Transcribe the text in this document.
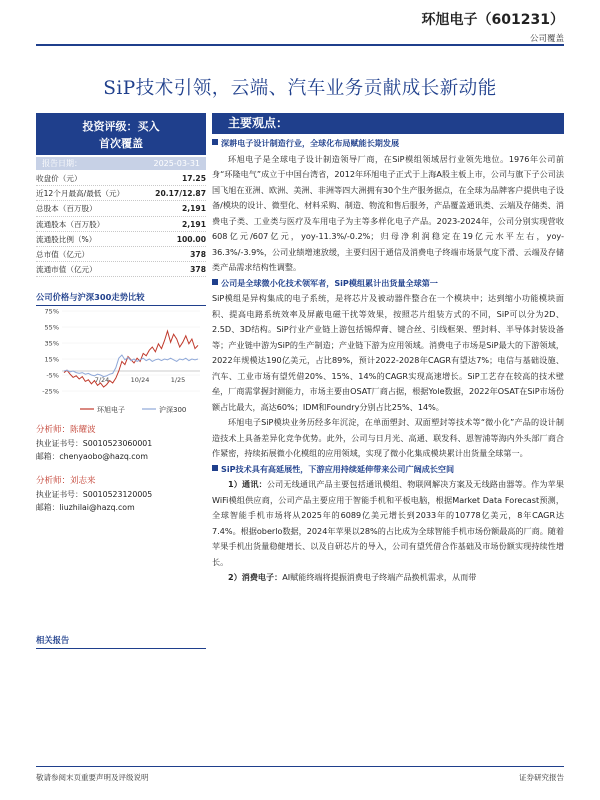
环旭电子（601231）
公司覆盖
SiP技术引领，云端、汽车业务贡献成长新动能
投资评级：买入
首次覆盖
报告日期：	2025-03-31
收盘价（元）	17.25
近12个月最高/最低（元）	20.17/12.87
总股本（百万股）	2,191
流通股本（百万股）	2,191
流通股比例（%）	100.00
总市值（亿元）	378
流通市值（亿元）	378
公司价格与沪深300走势比较
75%
55%
35%
15%
-5%
-25%
7/24	10/24	1/25
环旭电子	沪深300
分析师：陈耀波
执业证书号：S0010523060001
邮箱：chenyaobo@hazq.com
分析师：刘志来
执业证书号：S0010523120005
邮箱：liuzhilai@hazq.com
相关报告
主要观点：
深耕电子设计制造行业，全球化布局赋能长期发展

环旭电子是全球电子设计制造领导厂商，在SiP模组领域居行业领先地位。1976年公司前身“环隆电气”成立于中国台湾省，2012年环旭电子正式于上海A股主板上市，公司与旗下子公司法国飞旭在亚洲、欧洲、美洲、非洲等四大洲拥有30个生产服务据点，在全球为品牌客户提供电子设备/模块的设计、微型化、材料采购、制造、物流和售后服务，产品覆盖通讯类、云端及存储类、消费电子类、工业类与医疗及车用电子为主等多样化电子产品。2023-2024年，公司分别实现营收608亿元/607亿元，yoy-11.3%/-0.2%；归母净利润稳定在19亿元水平左右，yoy-36.3%/-3.9%，公司业绩增速放缓，主要归因于通信及消费电子终端市场景气度下滑、云端及存储类产品需求结构性调整。

公司是全球微小化技术领军者，SiP模组累计出货量全球第一

SiP模组是异构集成的电子系统，是将芯片及被动器件整合在一个模块中；达到缩小功能模块面积、提高电路系统效率及屏蔽电磁干扰等效果，按照芯片组装方式的不同，SiP可以分为2D、2.5D、3D结构。SiP行业产业链上游包括锡焊膏、键合丝、引线框架、塑封料、半导体封装设备等；产业链中游为SiP的生产制造；产业链下游为应用领域。消费电子市场是SiP最大的下游领域，2022年规模达190亿美元，占比89%，预计2022-2028年CAGR有望达7%；电信与基础设施、汽车、工业市场有望凭借20%、15%、14%的CAGR实现高速增长。SiP工艺存在较高的技术壁垒，厂商需掌握封测能力，市场主要由OSAT厂商占据，根据Yole数据，2022年OSAT在SiP市场份额占比最大，高达60%；IDM和Foundry分别占比25%、14%。

环旭电子SiP模块业务历经多年沉淀，在单面塑封、双面塑封等技术等“微小化”产品的设计制造技术上具备差异化竞争优势。此外，公司与日月光、高通、联发科、恩智浦等海内外头部厂商合作紧密，持续拓展微小化模组的应用领域，实现了微小化集成模块累计出货量全球第一。

SiP技术具有高延展性，下游应用持续延伸带来公司广阔成长空间

1）通讯：公司无线通讯产品主要包括通讯模组、物联网解决方案及无线路由器等。作为苹果WiFi模组供应商，公司产品主要应用于智能手机和平板电脑，根据Market Data Forecast预测，全球智能手机市场将从2025年的6089亿美元增长到2033年的10778亿美元，8年CAGR达7.4%。根据oberlo数据，2024年苹果以28%的占比成为全球智能手机市场份额最高的厂商。随着苹果手机出货量稳健增长、以及自研芯片的导入，公司有望凭借合作基础及市场份额实现持续性增长。

2）消费电子：AI赋能终端将提振消费电子终端产品换机需求，从而带

敬请参阅末页重要声明及评级说明	证券研究报告
